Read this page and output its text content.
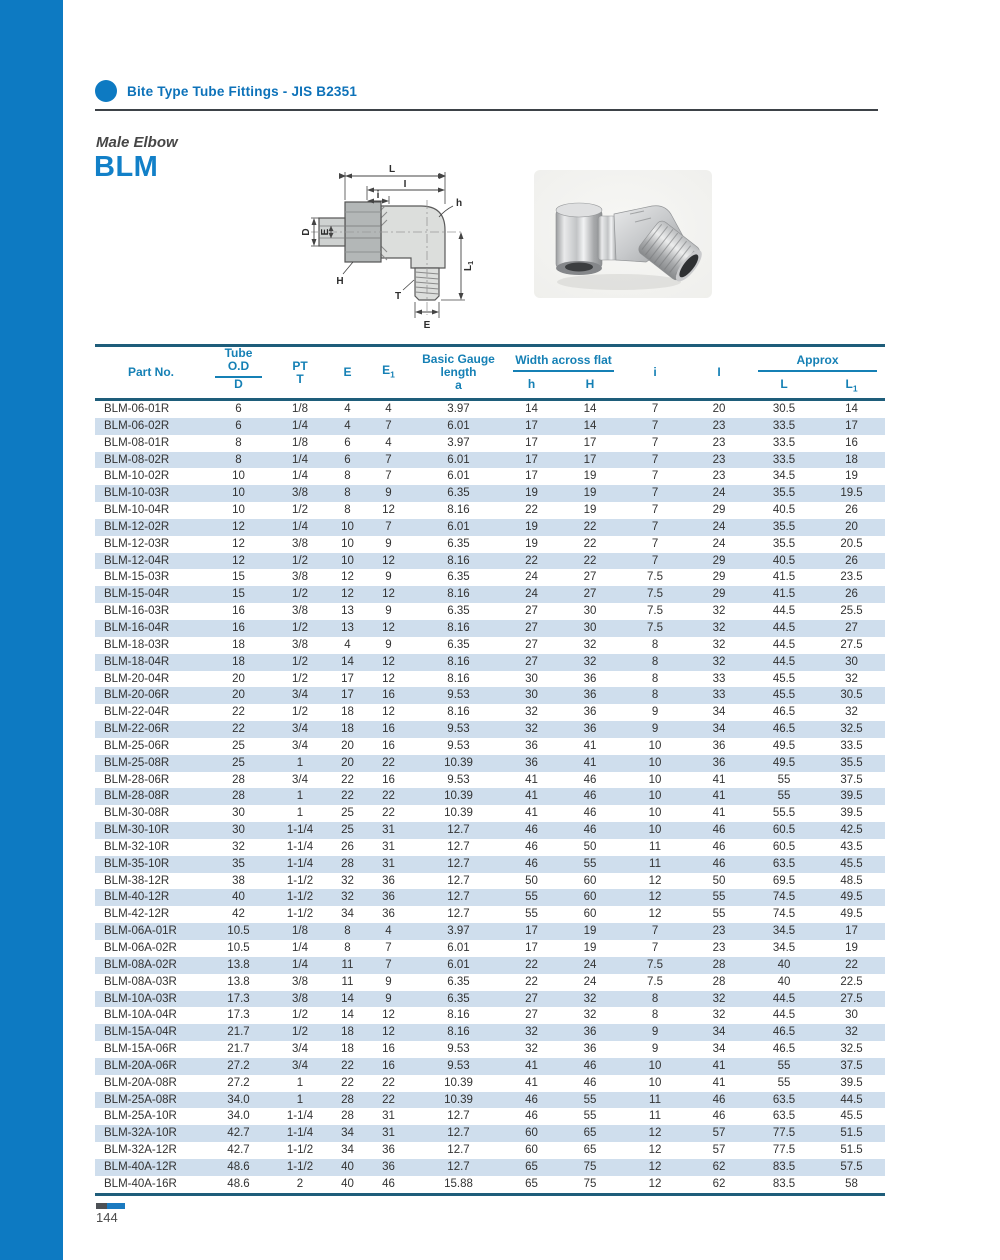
Bite Type Tube Fittings - JIS B2351
Male Elbow
BLM	L
I
i
h
D E
H
T
$L_1$
E
Part No.	
Tube O.D	PT
T	E	$E_1$	
Basic Gauge
length
a

Width across flat
	i	I	
Approx

	D					h	H			L	$L_1$
BLM-06-01R	6	1/8	4	4	3.97	14	14	7	20	30.5	14
BLM-06-02R	6	1/4	4	7	6.01	17	14	7	23	33.5	17
BLM-08-01R	8	1/8	6	4	3.97	17	17	7	23	33.5	16
BLM-08-02R	8	1/4	6	7	6.01	17	17	7	23	33.5	18
BLM-10-02R	10	1/4	8	7	6.01	17	19	7	23	34.5	19
BLM-10-03R	10	3/8	8	9	6.35	19	19	7	24	35.5	19.5
BLM-10-04R	10	1/2	8	12	8.16	22	19	7	29	40.5	26
BLM-12-02R	12	1/4	10	7	6.01	19	22	7	24	35.5	20
BLM-12-03R	12	3/8	10	9	6.35	19	22	7	24	35.5	20.5
BLM-12-04R	12	1/2	10	12	8.16	22	22	7	29	40.5	26
BLM-15-03R	15	3/8	12	9	6.35	24	27	7.5	29	41.5	23.5
BLM-15-04R	15	1/2	12	12	8.16	24	27	7.5	29	41.5	26
BLM-16-03R	16	3/8	13	9	6.35	27	30	7.5	32	44.5	25.5
BLM-16-04R	16	1/2	13	12	8.16	27	30	7.5	32	44.5	27
BLM-18-03R	18	3/8	4	9	6.35	27	32	8	32	44.5	27.5
BLM-18-04R	18	1/2	14	12	8.16	27	32	8	32	44.5	30
BLM-20-04R	20	1/2	17	12	8.16	30	36	8	33	45.5	32
BLM-20-06R	20	3/4	17	16	9.53	30	36	8	33	45.5	30.5
BLM-22-04R	22	1/2	18	12	8.16	32	36	9	34	46.5	32
BLM-22-06R	22	3/4	18	16	9.53	32	36	9	34	46.5	32.5
BLM-25-06R	25	3/4	20	16	9.53	36	41	10	36	49.5	33.5
BLM-25-08R	25	1	20	22	10.39	36	41	10	36	49.5	35.5
BLM-28-06R	28	3/4	22	16	9.53	41	46	10	41	55	37.5
BLM-28-08R	28	1	22	22	10.39	41	46	10	41	55	39.5
BLM-30-08R	30	1	25	22	10.39	41	46	10	41	55.5	39.5
BLM-30-10R	30	1-1/4	25	31	12.7	46	46	10	46	60.5	42.5
BLM-32-10R	32	1-1/4	26	31	12.7	46	50	11	46	60.5	43.5
BLM-35-10R	35	1-1/4	28	31	12.7	46	55	11	46	63.5	45.5
BLM-38-12R	38	1-1/2	32	36	12.7	50	60	12	50	69.5	48.5
BLM-40-12R	40	1-1/2	32	36	12.7	55	60	12	55	74.5	49.5
BLM-42-12R	42	1-1/2	34	36	12.7	55	60	12	55	74.5	49.5
BLM-06A-01R	10.5	1/8	8	4	3.97	17	19	7	23	34.5	17
BLM-06A-02R	10.5	1/4	8	7	6.01	17	19	7	23	34.5	19
BLM-08A-02R	13.8	1/4	11	7	6.01	22	24	7.5	28	40	22
BLM-08A-03R	13.8	3/8	11	9	6.35	22	24	7.5	28	40	22.5
BLM-10A-03R	17.3	3/8	14	9	6.35	27	32	8	32	44.5	27.5
BLM-10A-04R	17.3	1/2	14	12	8.16	27	32	8	32	44.5	30
BLM-15A-04R	21.7	1/2	18	12	8.16	32	36	9	34	46.5	32
BLM-15A-06R	21.7	3/4	18	16	9.53	32	36	9	34	46.5	32.5
BLM-20A-06R	27.2	3/4	22	16	9.53	41	46	10	41	55	37.5
BLM-20A-08R	27.2	1	22	22	10.39	41	46	10	41	55	39.5
BLM-25A-08R	34.0	1	28	22	10.39	46	55	11	46	63.5	44.5
BLM-25A-10R	34.0	1-1/4	28	31	12.7	46	55	11	46	63.5	45.5
BLM-32A-10R	42.7	1-1/4	34	31	12.7	60	65	12	57	77.5	51.5
BLM-32A-12R	42.7	1-1/2	34	36	12.7	60	65	12	57	77.5	51.5
BLM-40A-12R	48.6	1-1/2	40	36	12.7	65	75	12	62	83.5	57.5
BLM-40A-16R	48.6	2	40	46	15.88	65	75	12	62	83.5	58
144
